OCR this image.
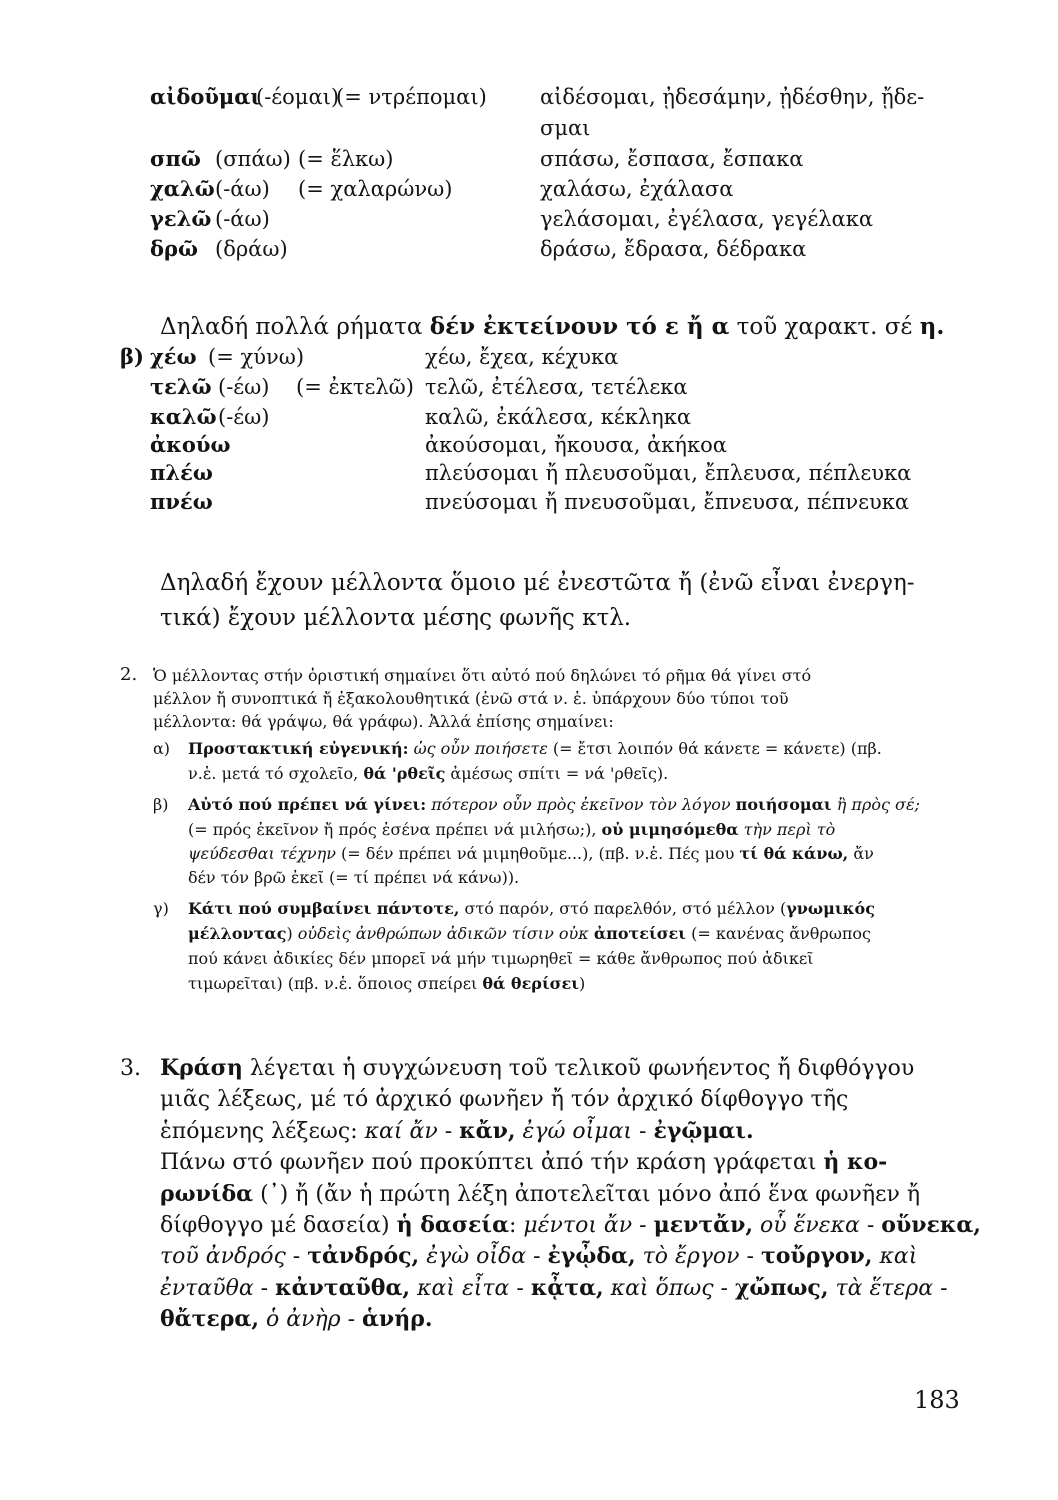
αἰδοῦμαι
(-έομαι)
(= ντρέπομαι)	αἰδέσομαι, ᾐδεσάμην, ᾐδέσθην, ᾔδε-
σμαι
σπῶ (σπάω) (= ἕλκω)	σπάσω, ἔσπασα, ἔσπακα
χαλῶ (-άω) (= χαλαρώνω)	χαλάσω, ἐχάλασα
γελῶ (-άω)	γελάσομαι, ἐγέλασα, γεγέλακα
δρῶ (δράω)	δράσω, ἔδρασα, δέδρακα
Δηλαδή πολλά ρήματα δέν ἐκτείνουν τό ε ἤ α τοῦ χαρακτ. σέ η.
β) χέω (= χύνω)	χέω, ἔχεα, κέχυκα
τελῶ (-έω) (= ἐκτελῶ) τελῶ, ἐτέλεσα, τετέλεκα
καλῶ (-έω)	καλῶ, ἐκάλεσα, κέκληκα
ἀκούω	ἀκούσομαι, ἤκουσα, ἀκήκοα
πλέω	πλεύσομαι ἤ πλευσοῦμαι, ἔπλευσα, πέπλευκα
πνέω	πνεύσομαι ἤ πνευσοῦμαι, ἔπνευσα, πέπνευκα
Δηλαδή ἔχουν μέλλοντα ὅμοιο μέ ἐνεστῶτα ἤ (ἐνῶ εἶναι ἐνεργη-
τικά) ἔχουν μέλλοντα μέσης φωνῆς κτλ.
2. Ὁ μέλλοντας στήν ὁριστική σημαίνει ὅτι αὐτό πού δηλώνει τό ρῆμα θά γίνει στό
μέλλον ἤ συνοπτικά ἤ ἐξακολουθητικά (ἐνῶ στά ν. ἑ. ὑπάρχουν δύο τύποι τοῦ
μέλλοντα: θά γράψω, θά γράφω). Ἀλλά ἐπίσης σημαίνει:
α) Προστακτική εὐγενική: ὡς οὖν ποιήσετε (= ἔτσι λοιπόν θά κάνετε = κάνετε) (πβ.
ν.ἑ. μετά τό σχολεῖο, θά 'ρθεῖς ἀμέσως σπίτι = νά 'ρθεῖς).
β) Αὐτό πού πρέπει νά γίνει: πότερον οὖν πρὸς ἐκεῖνον τὸν λόγον ποιήσομαι ἢ πρὸς σέ;
(= πρός ἐκεῖνον ἤ πρός ἐσένα πρέπει νά μιλήσω;), οὐ μιμησόμεθα τὴν περὶ τὸ
ψεύδεσθαι τέχνην (= δέν πρέπει νά μιμηθοῦμε...), (πβ. ν.ἑ. Πές μου τί θά κάνω, ἄν
δέν τόν βρῶ ἐκεῖ (= τί πρέπει νά κάνω)).
γ) Κάτι πού συμβαίνει πάντοτε, στό παρόν, στό παρελθόν, στό μέλλον (γνωμικός
μέλλοντας) οὐδεὶς ἀνθρώπων ἀδικῶν τίσιν οὐκ ἀποτείσει (= κανένας ἄνθρωπος
πού κάνει ἀδικίες δέν μπορεῖ νά μήν τιμωρηθεῖ = κάθε ἄνθρωπος πού ἀδικεῖ
τιμωρεῖται) (πβ. ν.ἑ. ὅποιος σπείρει θά θερίσει)
3. Κράση λέγεται ἡ συγχώνευση τοῦ τελικοῦ φωνήεντος ἤ διφθόγγου
μιᾶς λέξεως, μέ τό ἀρχικό φωνῆεν ἤ τόν ἀρχικό δίφθογγο τῆς
ἑπόμενης λέξεως: καί ἄν - κἄν, ἐγώ οἶμαι - ἐγῷμαι.
Πάνω στό φωνῆεν πού προκύπτει ἀπό τήν κράση γράφεται ἡ κο-
ρωνίδα (᾿) ἤ (ἄν ἡ πρώτη λέξη ἀποτελεῖται μόνο ἀπό ἕνα φωνῆεν ἤ
δίφθογγο μέ δασεία) ἡ δασεία: μέντοι ἄν - μεντἄν, οὗ ἕνεκα - οὕνεκα,
τοῦ ἀνδρός - τἀνδρός, ἐγὼ οἶδα - ἐγᾦδα, τὸ ἔργον - τοὔργον, καὶ
ἐνταῦθα - κἀνταῦθα, καὶ εἶτα - κᾆτα, καὶ ὅπως - χὤπως, τὰ ἕτερα -
θἄτερα, ὁ ἀνὴρ - ἁνήρ.
183
